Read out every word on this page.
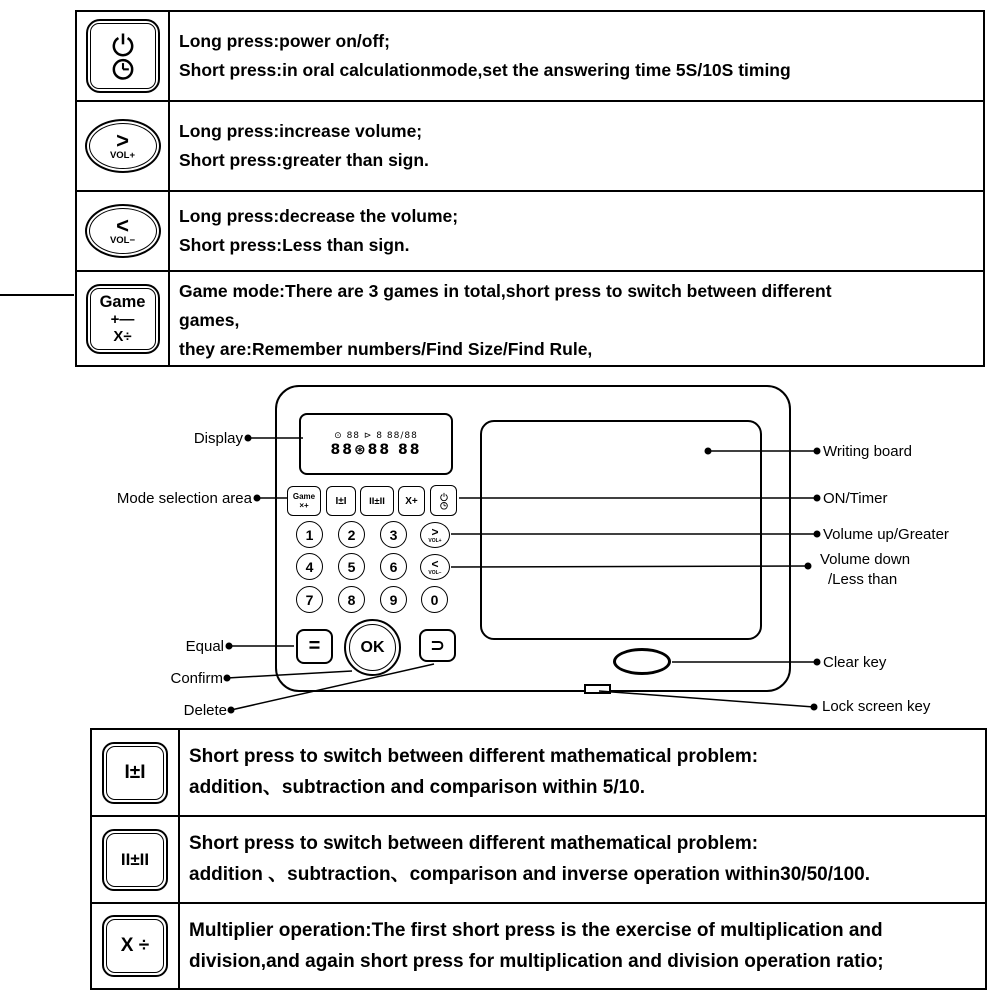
Long press:power on/off;
Short press:in oral calculationmode,set the answering time 5S/10S timing
>
VOL+
Long press:increase volume;
Short press:greater than sign.
<
VOL−
Long press:decrease the volume;
Short press:Less than sign.
Game
+—
X÷
Game mode:There are 3 games in total,short press to switch between different
games,
they are:Remember numbers/Find Size/Find Rule,
⊙ 88 ⊳ 8 88/88
88⊛88 88
Game
×+	I±I	II±II	X+
1	2	3
4	5	6
7	8	9	0
>
VOL+
<
VOL−
=	OK	⊃
Display
Mode selection area
Equal
Confirm
Delete
Writing board
ON/Timer
Volume up/Greater
Volume down
/Less than
Clear key
Lock screen key
I±I
Short press to switch between different mathematical problem:
addition、subtraction and comparison within 5/10.
II±II
Short press to switch between different mathematical problem:
addition 、subtraction、comparison and inverse operation within30/50/100.
X ÷
Multiplier operation:The first short press is the exercise of multiplication and
division,and again short press for multiplication and division operation ratio;
